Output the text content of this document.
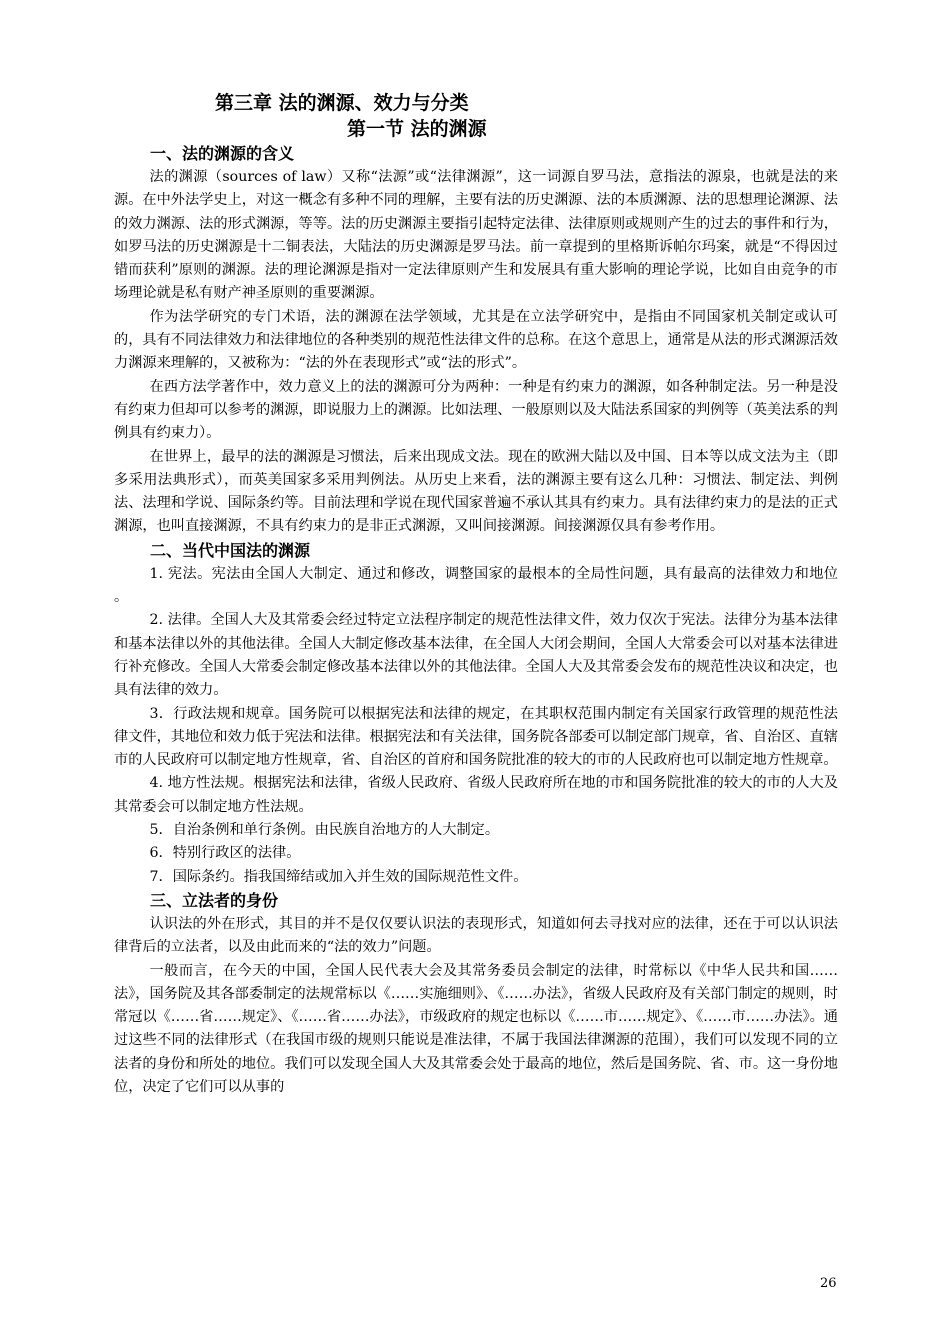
第三章 法的渊源、效力与分类
第一节 法的渊源
一、法的渊源的含义

法的渊源（sources of law）又称“法源”或“法律渊源”，这一词源自罗马法，意指法的源泉，也就是法的来源。在中外法学史上，对这一概念有多种不同的理解，主要有法的历史渊源、法的本质渊源、法的思想理论渊源、法的效力渊源、法的形式渊源，等等。法的历史渊源主要指引起特定法律、法律原则或规则产生的过去的事件和行为，如罗马法的历史渊源是十二铜表法，大陆法的历史渊源是罗马法。前一章提到的里格斯诉帕尔玛案，就是“不得因过错而获利”原则的渊源。法的理论渊源是指对一定法律原则产生和发展具有重大影响的理论学说，比如自由竞争的市场理论就是私有财产神圣原则的重要渊源。

作为法学研究的专门术语，法的渊源在法学领域，尤其是在立法学研究中，是指由不同国家机关制定或认可的，具有不同法律效力和法律地位的各种类别的规范性法律文件的总称。在这个意思上，通常是从法的形式渊源活效力渊源来理解的，又被称为：“法的外在表现形式”或“法的形式”。

在西方法学著作中，效力意义上的法的渊源可分为两种：一种是有约束力的渊源，如各种制定法。另一种是没有约束力但却可以参考的渊源，即说服力上的渊源。比如法理、一般原则以及大陆法系国家的判例等（英美法系的判例具有约束力）。

在世界上，最早的法的渊源是习惯法，后来出现成文法。现在的欧洲大陆以及中国、日本等以成文法为主（即多采用法典形式），而英美国家多采用判例法。从历史上来看，法的渊源主要有这么几种：习惯法、制定法、判例法、法理和学说、国际条约等。目前法理和学说在现代国家普遍不承认其具有约束力。具有法律约束力的是法的正式渊源，也叫直接渊源，不具有约束力的是非正式渊源，又叫间接渊源。间接渊源仅具有参考作用。

二、当代中国法的渊源

1. 宪法。宪法由全国人大制定、通过和修改，调整国家的最根本的全局性问题，具有最高的法律效力和地位 。

2. 法律。全国人大及其常委会经过特定立法程序制定的规范性法律文件，效力仅次于宪法。法律分为基本法律和基本法律以外的其他法律。全国人大制定修改基本法律，在全国人大闭会期间，全国人大常委会可以对基本法律进行补充修改。全国人大常委会制定修改基本法律以外的其他法律。全国人大及其常委会发布的规范性决议和决定，也具有法律的效力。

3．行政法规和规章。国务院可以根据宪法和法律的规定，在其职权范围内制定有关国家行政管理的规范性法律文件，其地位和效力低于宪法和法律。根据宪法和有关法律，国务院各部委可以制定部门规章，省、自治区、直辖市的人民政府可以制定地方性规章，省、自治区的首府和国务院批准的较大的市的人民政府也可以制定地方性规章。

4. 地方性法规。根据宪法和法律，省级人民政府、省级人民政府所在地的市和国务院批准的较大的市的人大及其常委会可以制定地方性法规。

5．自治条例和单行条例。由民族自治地方的人大制定。

6．特别行政区的法律。

7．国际条约。指我国缔结或加入并生效的国际规范性文件。

三、立法者的身份

认识法的外在形式，其目的并不是仅仅要认识法的表现形式，知道如何去寻找对应的法律，还在于可以认识法律背后的立法者，以及由此而来的“法的效力”问题。

一般而言，在今天的中国，全国人民代表大会及其常务委员会制定的法律，时常标以《中华人民共和国……法》，国务院及其各部委制定的法规常标以《……实施细则》、《……办法》，省级人民政府及有关部门制定的规则，时常冠以《……省……规定》、《……省……办法》，市级政府的规定也标以《……市……规定》、《……市……办法》。通过这些不同的法律形式（在我国市级的规则只能说是准法律，不属于我国法律渊源的范围），我们可以发现不同的立法者的身份和所处的地位。我们可以发现全国人大及其常委会处于最高的地位，然后是国务院、省、市。这一身份地位，决定了它们可以从事的

26
